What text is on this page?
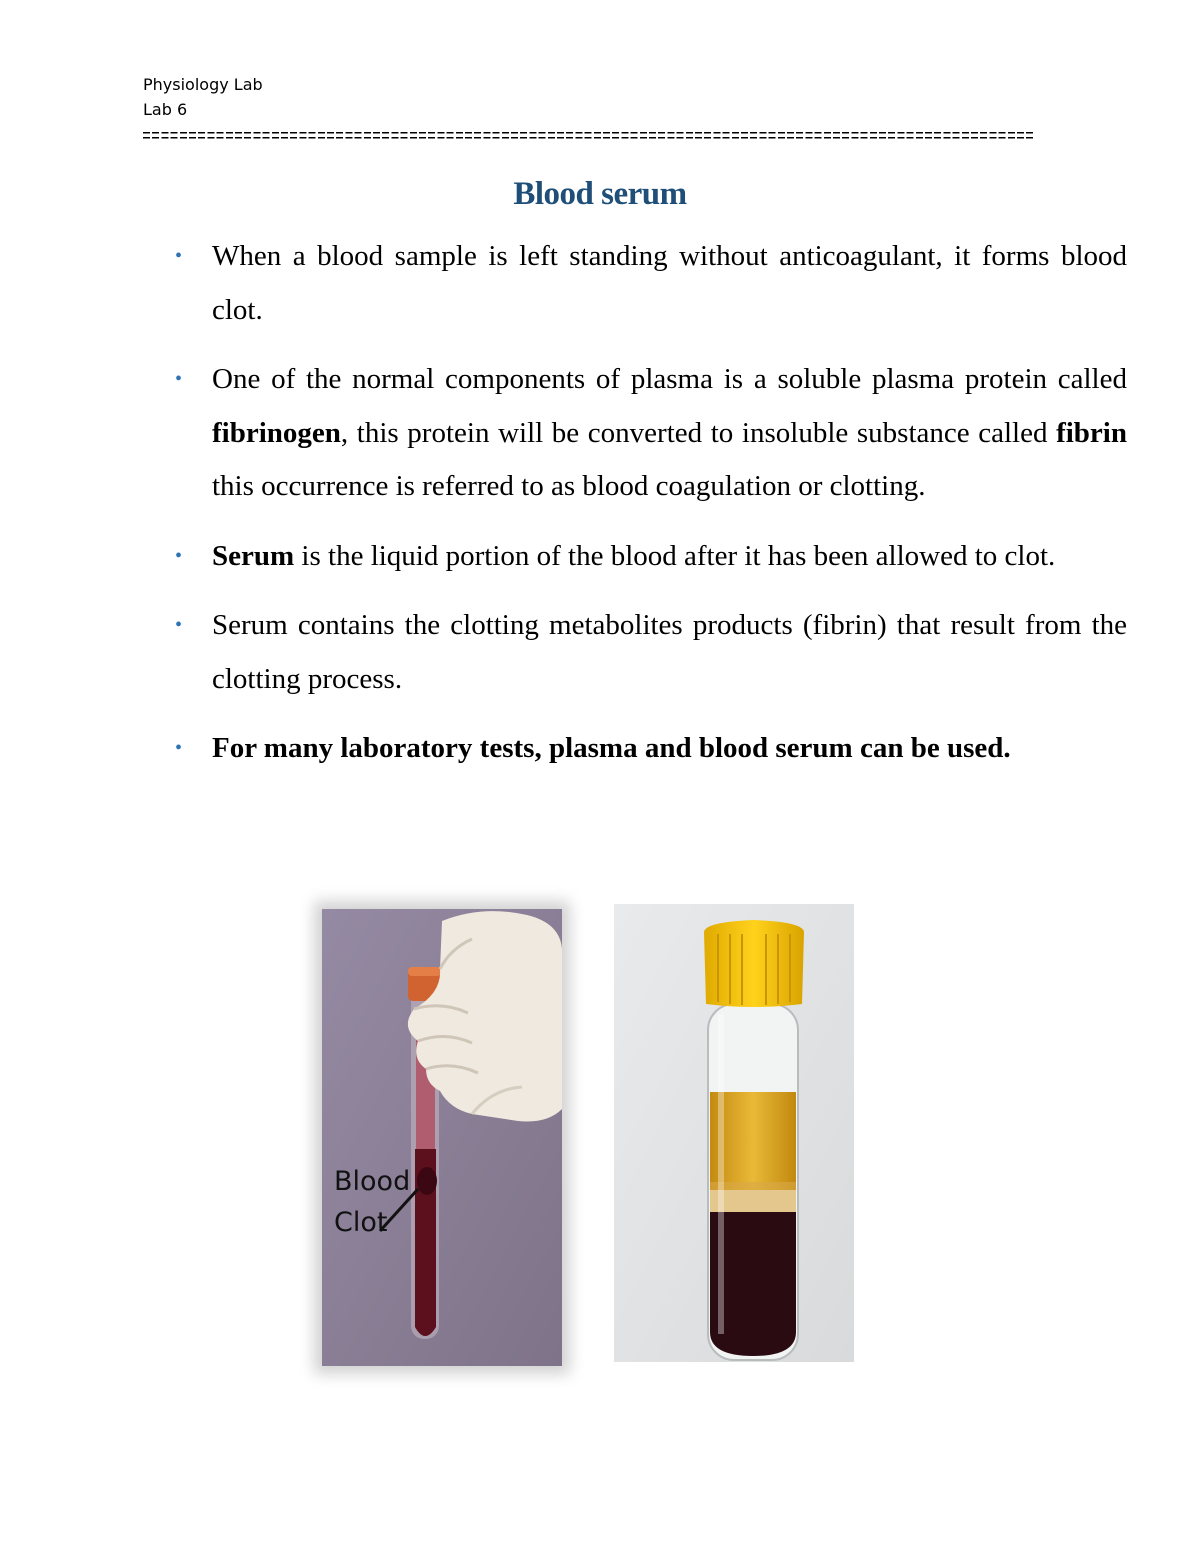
Physiology Lab
Lab 6
Blood serum
• When a blood sample is left standing without anticoagulant, it forms blood clot.
• One of the normal components of plasma is a soluble plasma protein called fibrinogen, this protein will be converted to insoluble substance called fibrin this occurrence is referred to as blood coagulation or clotting.
• Serum is the liquid portion of the blood after it has been allowed to clot.
• Serum contains the clotting metabolites products (fibrin) that result from the clotting process.
• For many laboratory tests, plasma and blood serum can be used.
Blood
Clot
